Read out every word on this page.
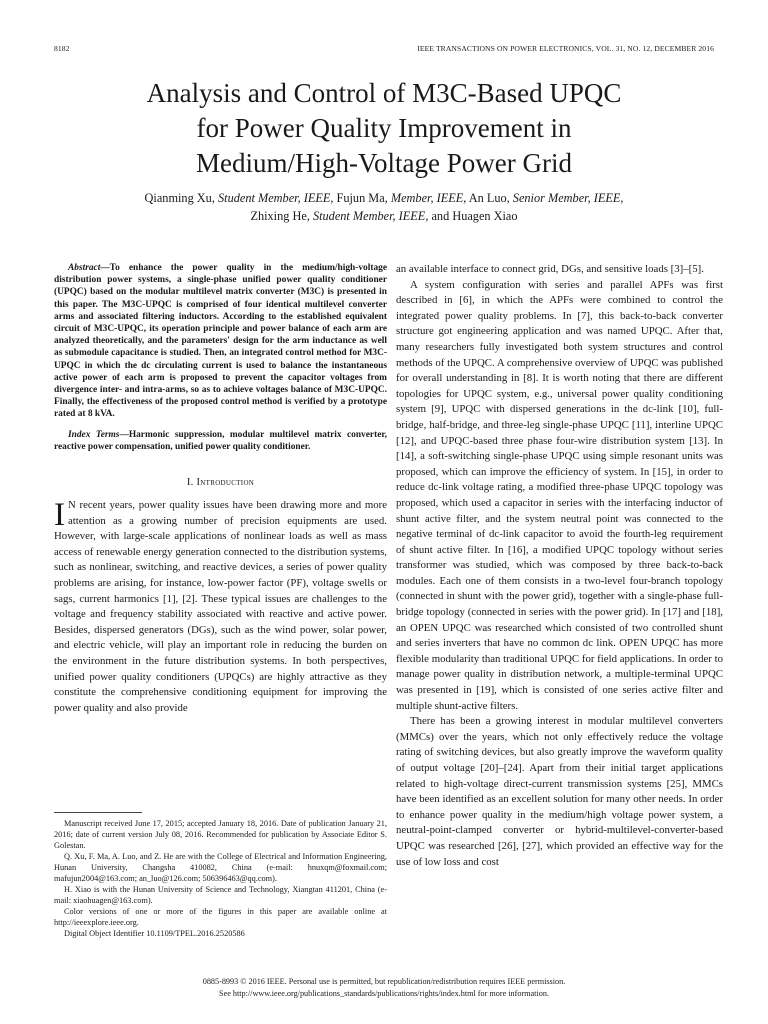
8182	IEEE TRANSACTIONS ON POWER ELECTRONICS, VOL. 31, NO. 12, DECEMBER 2016
Analysis and Control of M3C-Based UPQC
for Power Quality Improvement in
Medium/High-Voltage Power Grid
Qianming Xu, Student Member, IEEE, Fujun Ma, Member, IEEE, An Luo, Senior Member, IEEE,
Zhixing He, Student Member, IEEE, and Huagen Xiao

Abstract—To enhance the power quality in the medium/high-voltage distribution power systems, a single-phase unified power quality conditioner (UPQC) based on the modular multilevel matrix converter (M3C) is presented in this paper. The M3C-UPQC is comprised of four identical multilevel converter arms and associated filtering inductors. According to the established equivalent circuit of M3C-UPQC, its operation principle and power balance of each arm are analyzed theoretically, and the parameters' design for the arm inductance as well as submodule capacitance is studied. Then, an integrated control method for M3C-UPQC in which the dc circulating current is used to balance the instantaneous active power of each arm is proposed to prevent the capacitor voltages from divergence inter- and intra-arms, so as to achieve voltages balance of M3C-UPQC. Finally, the effectiveness of the proposed control method is verified by a prototype rated at 8 kVA.

Index Terms—Harmonic suppression, modular multilevel matrix converter, reactive power compensation, unified power quality conditioner.

I. Introduction

I N recent years, power quality issues have been drawing more and more attention as a growing number of precision equipments are used. However, with large-scale applications of nonlinear loads as well as mass access of renewable energy generation connected to the distribution systems, such as nonlinear, switching, and reactive devices, a series of power quality problems are arising, for instance, low-power factor (PF), voltage swells or sags, current harmonics [1], [2]. These typical issues are challenges to the voltage and frequency stability associated with reactive and active power. Besides, dispersed generators (DGs), such as the wind power, solar power, and electric vehicle, will play an important role in reducing the burden on the environment in the future distribution systems. In both perspectives, unified power quality conditioners (UPQCs) are highly attractive as they constitute the comprehensive conditioning equipment for improving the power quality and also provide

Manuscript received June 17, 2015; accepted January 18, 2016. Date of publication January 21, 2016; date of current version July 08, 2016. Recommended for publication by Associate Editor S. Golestan.

Q. Xu, F. Ma, A. Luo, and Z. He are with the College of Electrical and Information Engineering, Hunan University, Changsha 410082, China (e-mail: hnuxqm@foxmail.com; mafujun2004@163.com; an_luo@126.com; 506396463@qq.com).

H. Xiao is with the Hunan University of Science and Technology, Xiangtan 411201, China (e-mail: xiaohuagen@163.com).

Color versions of one or more of the figures in this paper are available online at http://ieeexplore.ieee.org.

Digital Object Identifier 10.1109/TPEL.2016.2520586

an available interface to connect grid, DGs, and sensitive loads [3]–[5].

A system configuration with series and parallel APFs was first described in [6], in which the APFs were combined to control the integrated power quality problems. In [7], this back-to-back converter structure got engineering application and was named UPQC. After that, many researchers fully investigated both system structures and control methods of the UPQC. A comprehensive overview of UPQC was published for overall understanding in [8]. It is worth noting that there are different topologies for UPQC system, e.g., universal power quality conditioning system [9], UPQC with dispersed generations in the dc-link [10], full-bridge, half-bridge, and three-leg single-phase UPQC [11], interline UPQC [12], and UPQC-based three phase four-wire distribution system [13]. In [14], a soft-switching single-phase UPQC using simple resonant units was proposed, which can improve the efficiency of system. In [15], in order to reduce dc-link voltage rating, a modified three-phase UPQC topology was proposed, which used a capacitor in series with the interfacing inductor of shunt active filter, and the system neutral point was connected to the negative terminal of dc-link capacitor to avoid the fourth-leg requirement of shunt active filter. In [16], a modified UPQC topology without series transformer was studied, which was composed by three back-to-back modules. Each one of them consists in a two-level four-branch topology (connected in shunt with the power grid), together with a single-phase full-bridge topology (connected in series with the power grid). In [17] and [18], an OPEN UPQC was researched which consisted of two controlled shunt and series inverters that have no common dc link. OPEN UPQC has more flexible modularity than traditional UPQC for field applications. In order to manage power quality in distribution network, a multiple-terminal UPQC was presented in [19], which is consisted of one series active filter and multiple shunt-active filters.

There has been a growing interest in modular multilevel converters (MMCs) over the years, which not only effectively reduce the voltage rating of switching devices, but also greatly improve the waveform quality of output voltage [20]–[24]. Apart from their initial target applications related to high-voltage direct-current transmission systems [25], MMCs have been identified as an excellent solution for many other needs. In order to enhance power quality in the medium/high voltage power system, a neutral-point-clamped converter or hybrid-multilevel-converter-based UPQC was researched [26], [27], which provided an effective way for the use of low loss and cost

0885-8993 © 2016 IEEE. Personal use is permitted, but republication/redistribution requires IEEE permission.
See http://www.ieee.org/publications_standards/publications/rights/index.html for more information.
